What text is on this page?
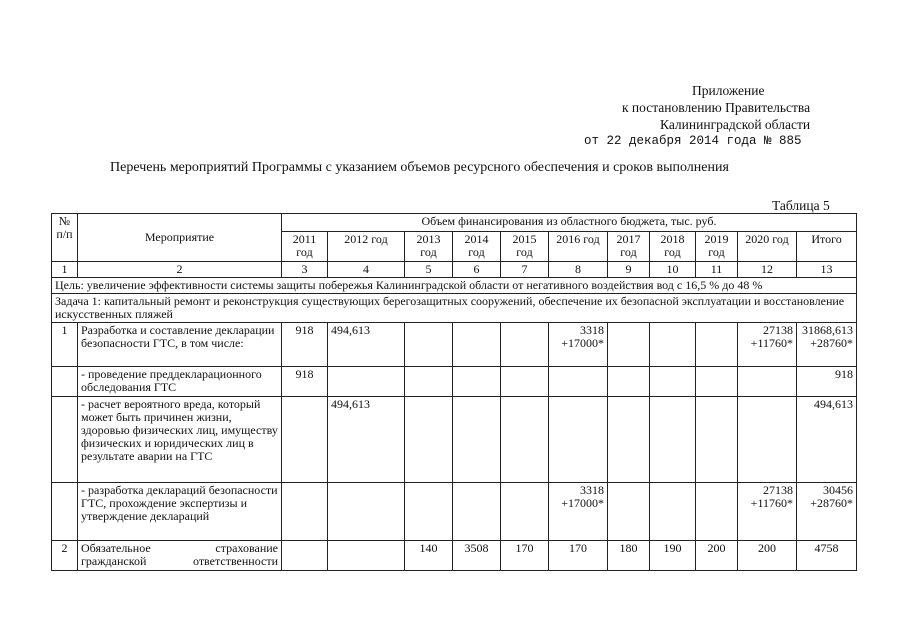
Приложение
к постановлению Правительства
Калининградской области
от 22 декабря 2014 года № 885
Перечень мероприятий Программы с указанием объемов ресурсного обеспечения и сроков выполнения
Таблица 5
№ п/п	Мероприятие	Объем финансирования из областного бюджета, тыс. руб.										
		2011 год	2012 год	2013 год	2014 год	2015 год	2016 год	2017 год	2018 год	2019 год	2020 год	Итого
1	2	3	4	5	6	7	8	9	10	11	12	13
Цель: увеличение эффективности системы защиты побережья Калининградской области от негативного воздействия вод с 16,5 % до 48 %												
Задача 1: капитальный ремонт и реконструкция существующих берегозащитных сооружений, обеспечение их безопасной эксплуатации и восстановление искусственных пляжей												
1	Разработка и составление декларации безопасности ГТС, в том числе:	918	494,613				3318 +17000*				27138 +11760*	31868,613 +28760*
	- проведение преддекларационного обследования ГТС	918										918
	- расчет вероятного вреда, который может быть причинен жизни, здоровью физических лиц, имуществу физических и юридических лиц в результате аварии на ГТС		494,613									494,613
	- разработка деклараций безопасности ГТС, прохождение экспертизы и утверждение деклараций						3318 +17000*				27138 +11760*	30456 +28760*
2	Обязательное страхование гражданской ответственности			140	3508	170	170	180	190	200	200	4758
